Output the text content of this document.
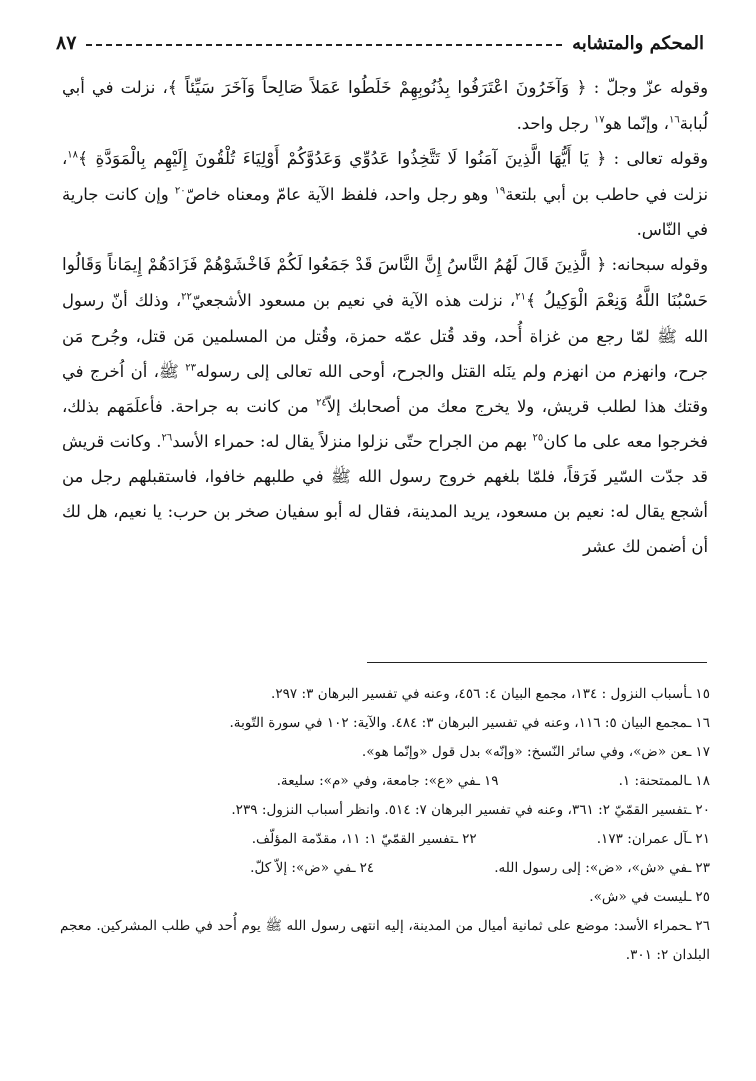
المحكم والمتشابه
٨٧

وقوله عزّ وجلّ : ﴿ وَآخَرُونَ اعْتَرَفُوا بِذُنُوبِهِمْ خَلَطُوا عَمَلاً صَالِحاً وَآخَرَ سَيِّئاً ﴾، نزلت في أبي لُبابة$^{١٦}$، وإنّما هو$^{١٧}$ رجل واحد.

وقوله تعالى : ﴿ يَا أَيُّهَا الَّذِينَ آمَنُوا لَا تَتَّخِذُوا عَدُوِّي وَعَدُوَّكُمْ أَوْلِيَاءَ تُلْقُونَ إِلَيْهِم بِالْمَوَدَّةِ ﴾$^{١٨}$، نزلت في حاطب بن أبي بلتعة$^{١٩}$ وهو رجل واحد، فلفظ الآية عامّ ومعناه خاصّ$^{٢٠}$ وإن كانت جارية في النّاس.

وقوله سبحانه: ﴿ الَّذِينَ قَالَ لَهُمُ النَّاسُ إِنَّ النَّاسَ قَدْ جَمَعُوا لَكُمْ فَاخْشَوْهُمْ فَزَادَهُمْ إِيمَاناً وَقَالُوا حَسْبُنَا اللَّهُ وَنِعْمَ الْوَكِيلُ ﴾$^{٢١}$، نزلت هذه الآية في نعيم بن مسعود الأشجعيّ$^{٢٢}$، وذلك أنّ رسول الله ﷺ لمّا رجع من غزاة أُحد، وقد قُتل عمّه حمزة، وقُتل من المسلمين مَن قتل، وجُرح مَن جرح، وانهزم من انهزم ولم ينَله القتل والجرح، أوحى الله تعالى إلى رسوله$^{٢٣}$ ﷺ، أن اُخرج في وقتك هذا لطلب قريش، ولا يخرج معك من أصحابك إلاّ$^{٢٤}$ من كانت به جراحة. فأعلَمَهم بذلك، فخرجوا معه على ما كان$^{٢٥}$ بهم من الجراح حتّى نزلوا منزلاً يقال له: حمراء الأسد$^{٢٦}$. وكانت قريش قد جدّت السّير فَرَقاً، فلمّا بلغهم خروج رسول الله ﷺ في طلبهم خافوا، فاستقبلهم رجل من أشجع يقال له: نعيم بن مسعود، يريد المدينة، فقال له أبو سفيان صخر بن حرب: يا نعيم، هل لك أن أضمن لك عشر

١٥ـأسباب النزول : ١٣٤، مجمع البيان ٤: ٤٥٦، وعنه في تفسير البرهان ٣: ٢٩٧.
١٦ـمجمع البيان ٥: ١١٦، وعنه في تفسير البرهان ٣: ٤٨٤. والآية: ١٠٢ في سورة التّوبة.
١٧ـعن «ض»، وفي سائر النّسخ: «وإنّه» بدل قول «وإنّما هو».
١٨ـالممتحنة: ١.
١٩ـفي «ع»: جامعة، وفي «م»: سليعة.
٢٠ـتفسير القمّيّ ٢: ٣٦١، وعنه في تفسير البرهان ٧: ٥١٤. وانظر أسباب النزول: ٢٣٩.
٢١ـآل عمران: ١٧٣.
٢٢ـتفسير القمّيّ ١: ١١، مقدّمة المؤلّف.
٢٣ـفي «ش»، «ض»: إلى رسول الله.
٢٤ـفي «ض»: إلاّ كلّ.
٢٥ـليست في «ش».
٢٦ـحمراء الأسد: موضع على ثمانية أميال من المدينة، إليه انتهى رسول الله ﷺ يوم أُحد في طلب المشركين. معجم البلدان ٢: ٣٠١.
